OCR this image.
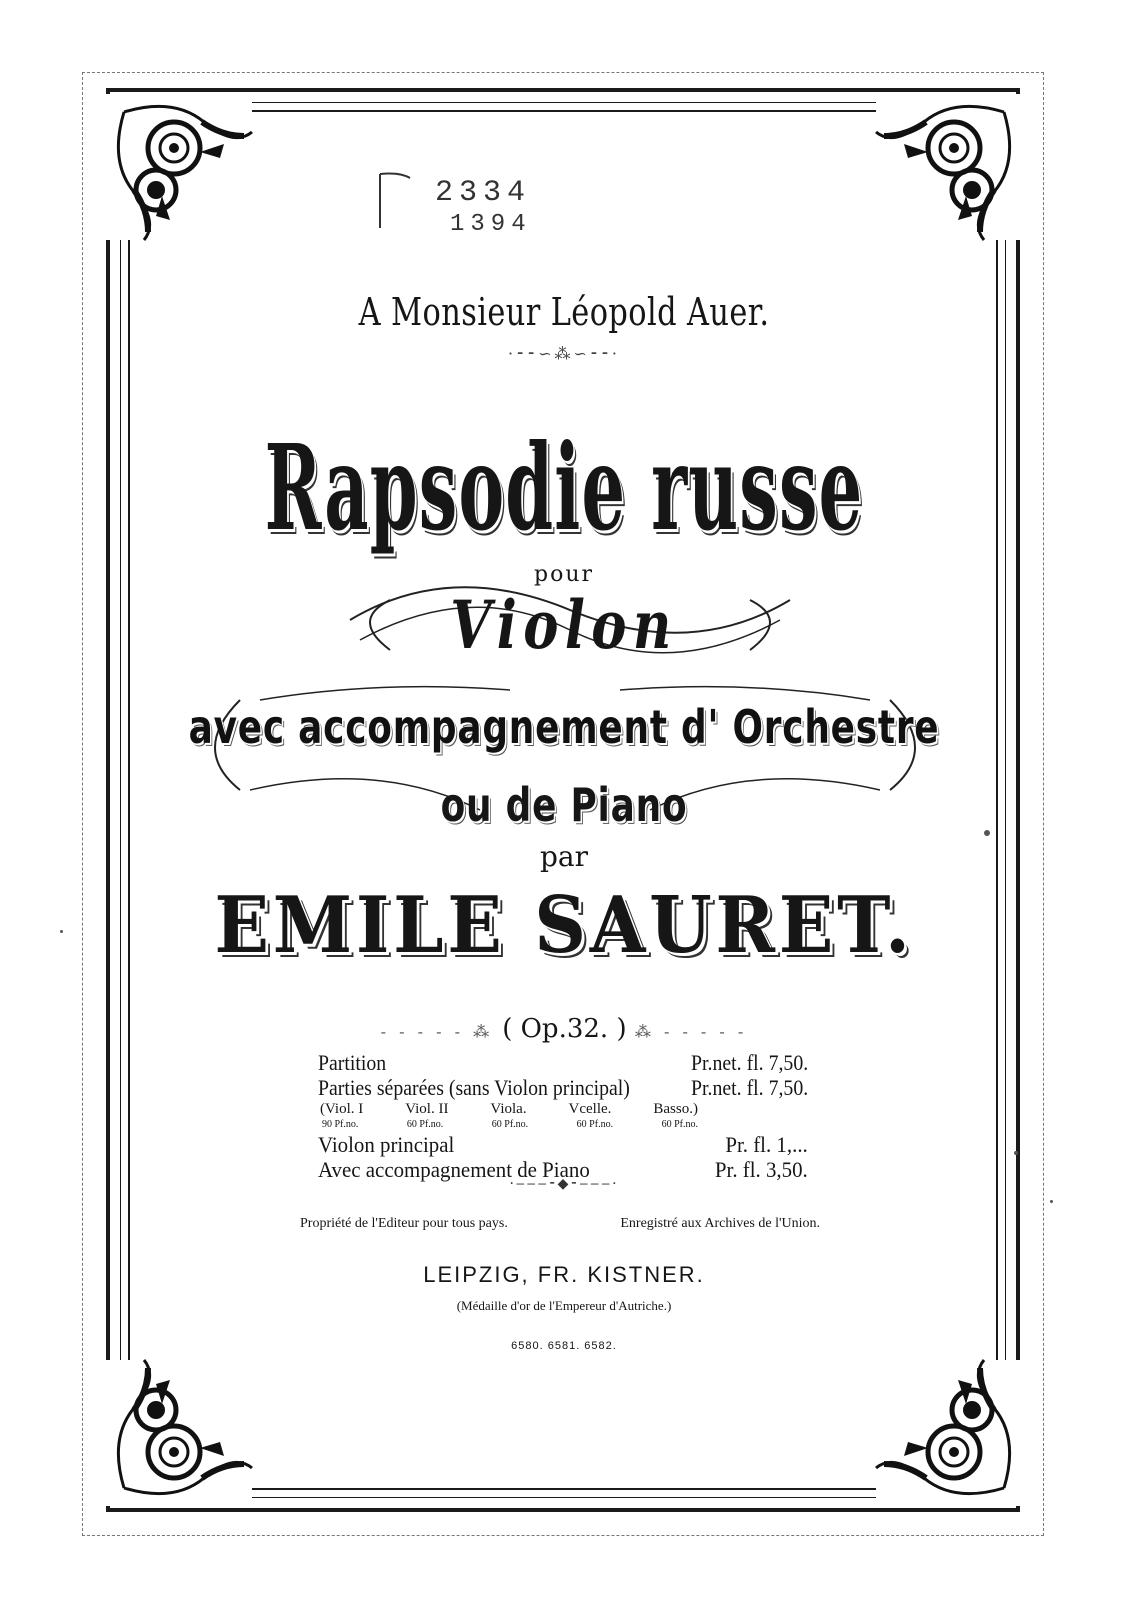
2334
1394
A Monsieur Léopold Auer.
·⁃⁃∽⁂∽⁃⁃·
Rapsodie russe
pour
Violon
avec accompagnement d' Orchestre
ou de Piano
par
EMILE SAURET.
- - - - - ⁂ ( Op.32. ) ⁂ - - - - -
Partition	Pr.net. fl. 7,50.
Parties séparées (sans Violon principal)	Pr.net. fl. 7,50.
(Viol. I	Viol. II	Viola.	Vcelle.	Basso.)
90 Pf.no.	60 Pf.no.	60 Pf.no.	60 Pf.no.	60 Pf.no.
Violon principal	Pr. fl. 1,...
Avec accompagnement de Piano	Pr. fl. 3,50.
·‒‒‒⁃◆⁃‒‒‒·
Propriété de l'Editeur pour tous pays.	Enregistré aux Archives de l'Union.
LEIPZIG, FR. KISTNER.
(Médaille d'or de l'Empereur d'Autriche.)
6580. 6581. 6582.
